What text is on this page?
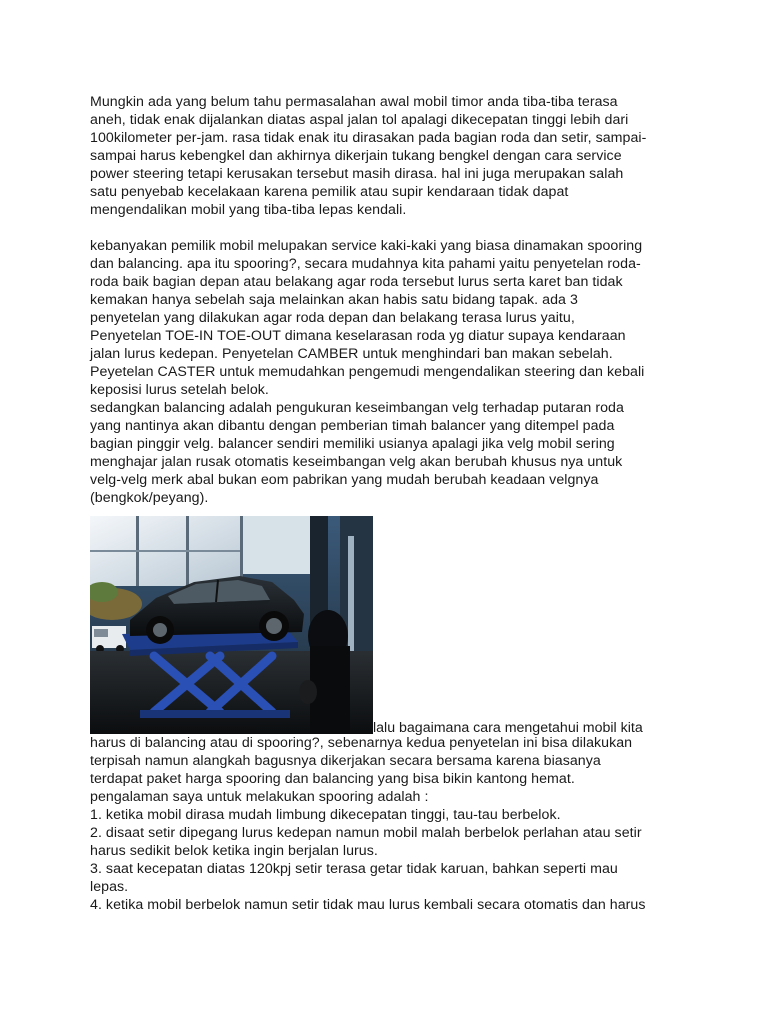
Mungkin ada yang belum tahu permasalahan awal mobil timor anda tiba-tiba terasa
aneh, tidak enak dijalankan diatas aspal jalan tol apalagi dikecepatan tinggi lebih dari
100kilometer per-jam. rasa tidak enak itu dirasakan pada bagian roda dan setir, sampai-
sampai harus kebengkel dan akhirnya dikerjain tukang bengkel dengan cara service
power steering tetapi kerusakan tersebut masih dirasa. hal ini juga merupakan salah
satu penyebab kecelakaan karena pemilik atau supir kendaraan tidak dapat
mengendalikan mobil yang tiba-tiba lepas kendali.
kebanyakan pemilik mobil melupakan service kaki-kaki yang biasa dinamakan spooring
dan balancing. apa itu spooring?, secara mudahnya kita pahami yaitu penyetelan roda-
roda baik bagian depan atau belakang agar roda tersebut lurus serta karet ban tidak
kemakan hanya sebelah saja melainkan akan habis satu bidang tapak. ada 3
penyetelan yang dilakukan agar roda depan dan belakang terasa lurus yaitu,
Penyetelan TOE-IN TOE-OUT dimana keselarasan roda yg diatur supaya kendaraan
jalan lurus kedepan. Penyetelan CAMBER untuk menghindari ban makan sebelah.
Peyetelan CASTER untuk memudahkan pengemudi mengendalikan steering dan kebali
keposisi lurus setelah belok.
sedangkan balancing adalah pengukuran keseimbangan velg terhadap putaran roda
yang nantinya akan dibantu dengan pemberian timah balancer yang ditempel pada
bagian pinggir velg. balancer sendiri memiliki usianya apalagi jika velg mobil sering
menghajar jalan rusak otomatis keseimbangan velg akan berubah khusus nya untuk
velg-velg merk abal bukan eom pabrikan yang mudah berubah keadaan velgnya
(bengkok/peyang).
lalu bagaimana cara mengetahui mobil kita
harus di balancing atau di spooring?, sebenarnya kedua penyetelan ini bisa dilakukan
terpisah namun alangkah bagusnya dikerjakan secara bersama karena biasanya
terdapat paket harga spooring dan balancing yang bisa bikin kantong hemat.
pengalaman saya untuk melakukan spooring adalah :
1. ketika mobil dirasa mudah limbung dikecepatan tinggi, tau-tau berbelok.
2. disaat setir dipegang lurus kedepan namun mobil malah berbelok perlahan atau setir
harus sedikit belok ketika ingin berjalan lurus.
3. saat kecepatan diatas 120kpj setir terasa getar tidak karuan, bahkan seperti mau
lepas.
4. ketika mobil berbelok namun setir tidak mau lurus kembali secara otomatis dan harus
